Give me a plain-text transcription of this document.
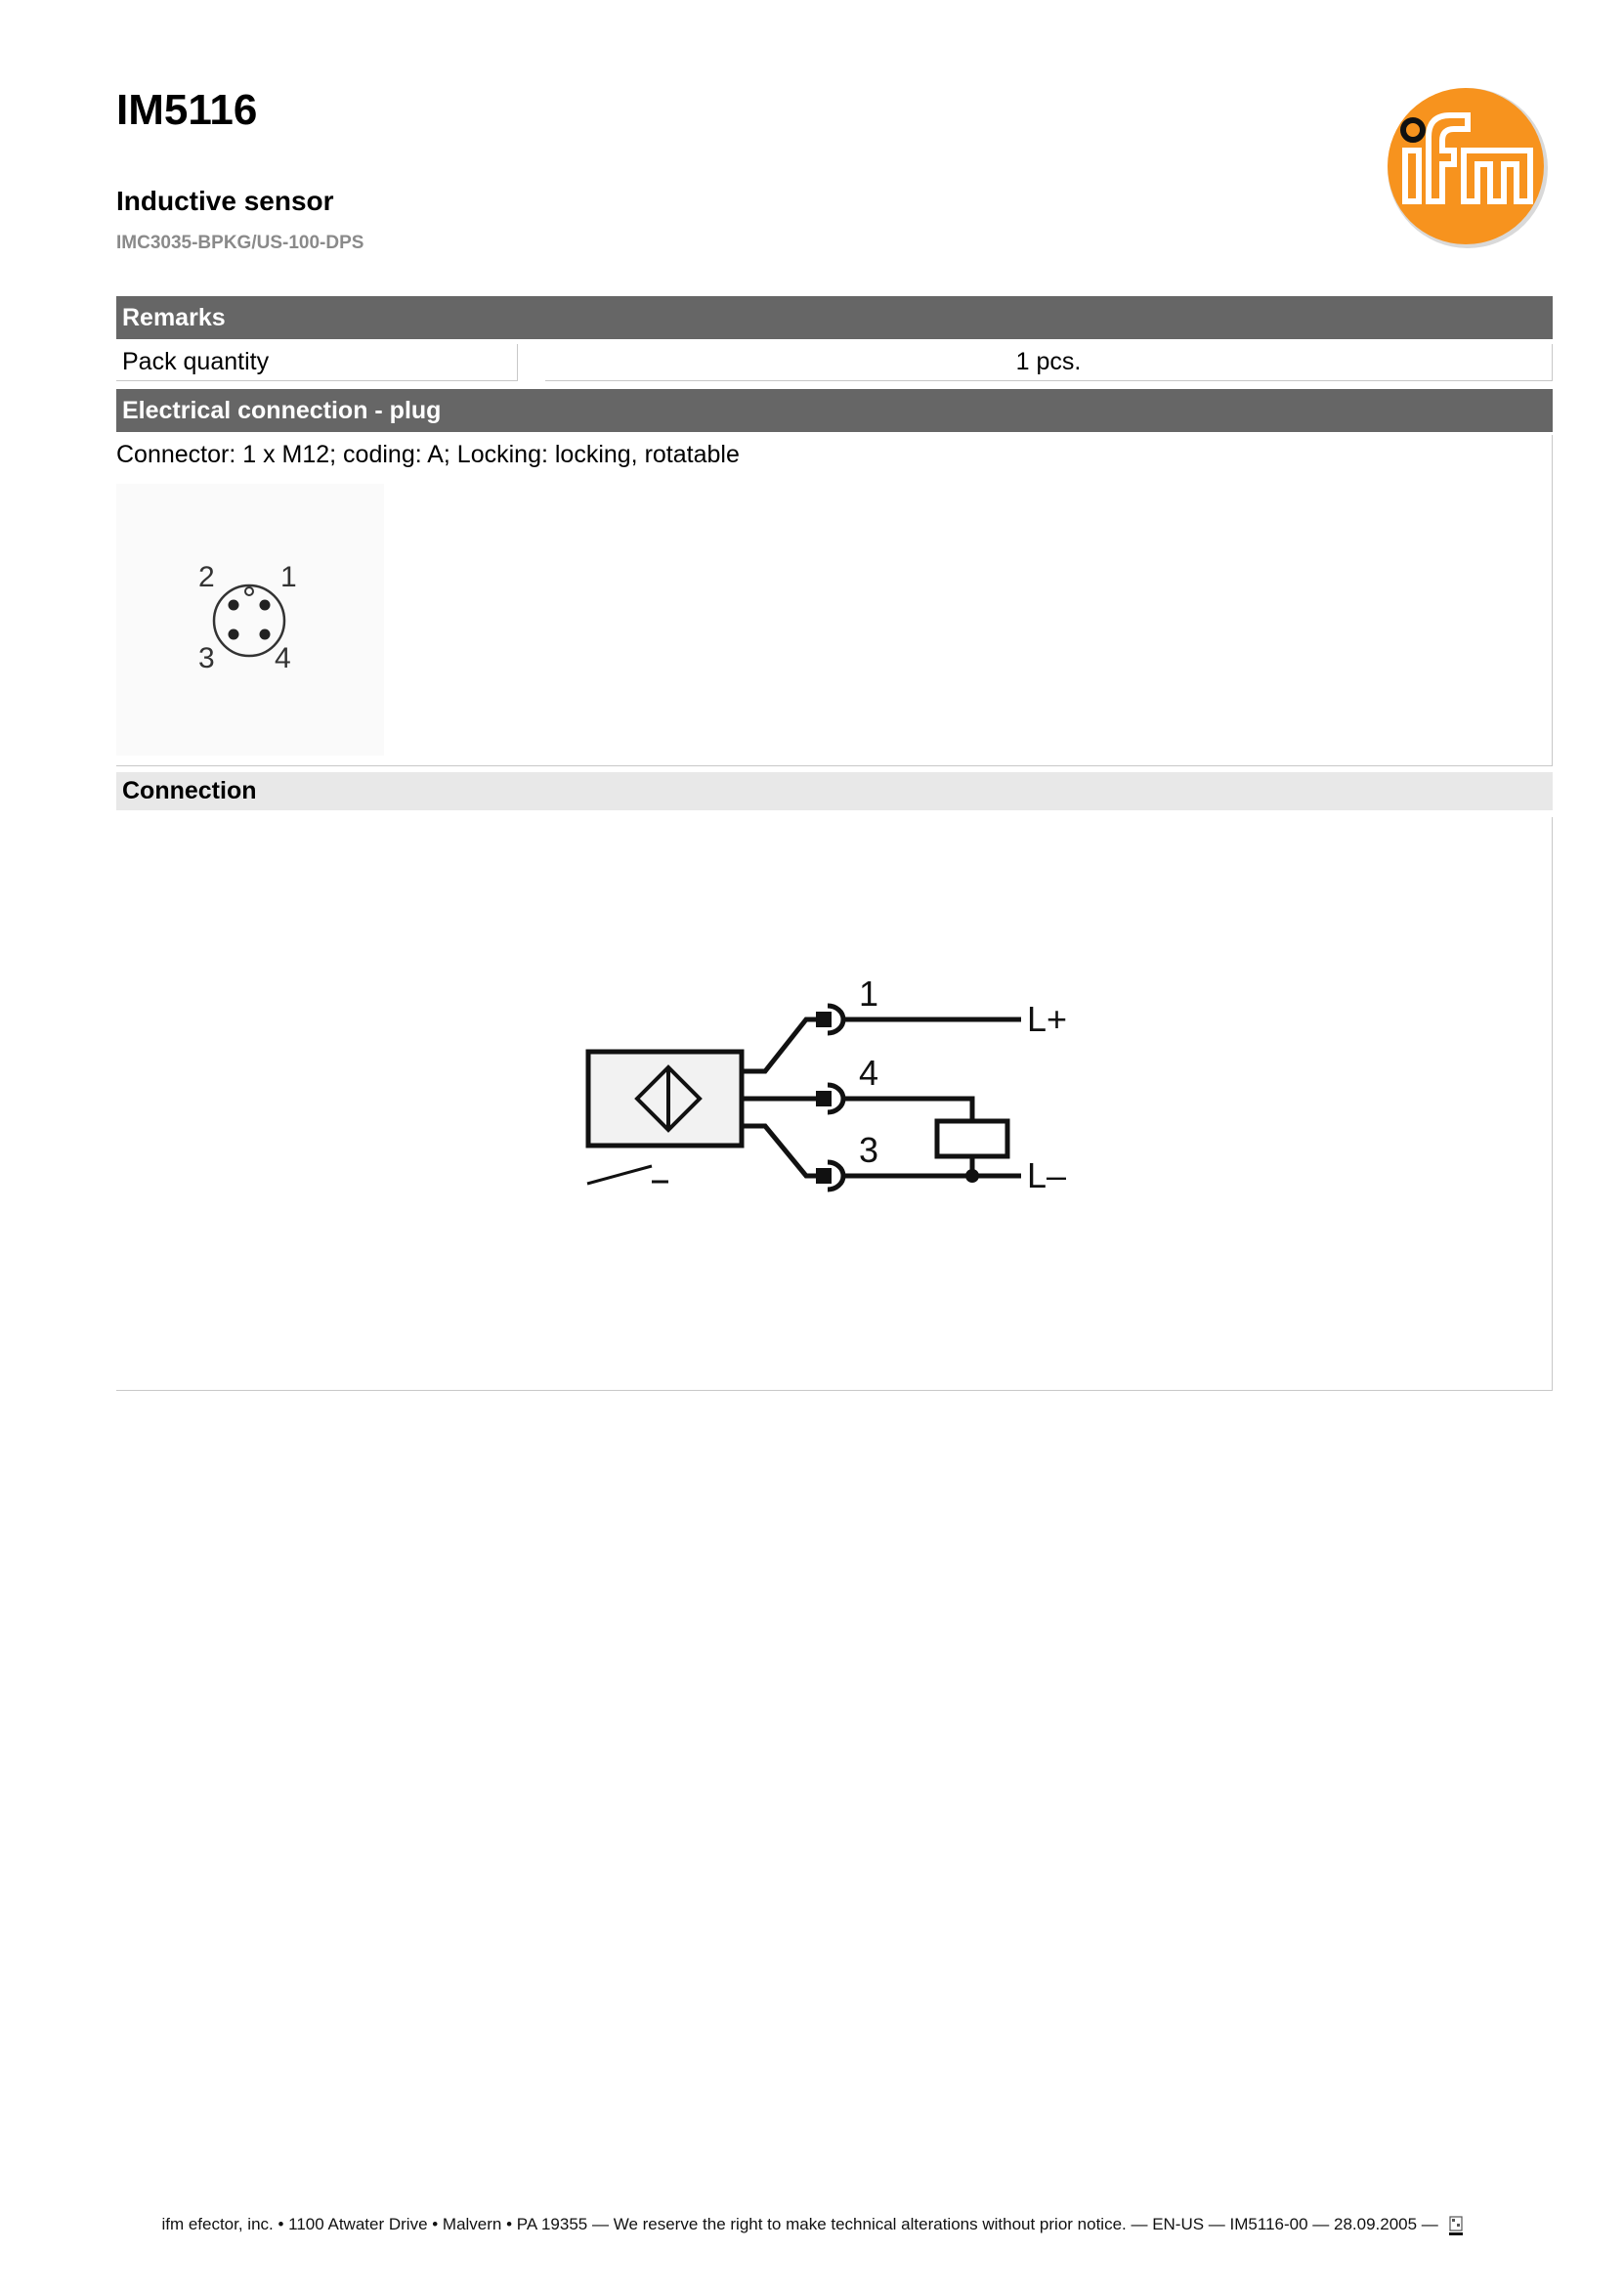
IM5116
Inductive sensor
IMC3035-BPKG/US-100-DPS
Remarks
Pack quantity	1 pcs.
Electrical connection - plug
Connector: 1 x M12; coding: A; Locking: locking, rotatable
2 1
3 4
Connection
1
4
3
L+
L–
ifm efector, inc. • 1100 Atwater Drive • Malvern • PA 19355 — We reserve the right to make technical alterations without prior notice. — EN-US — IM5116-00 — 28.09.2005 —
